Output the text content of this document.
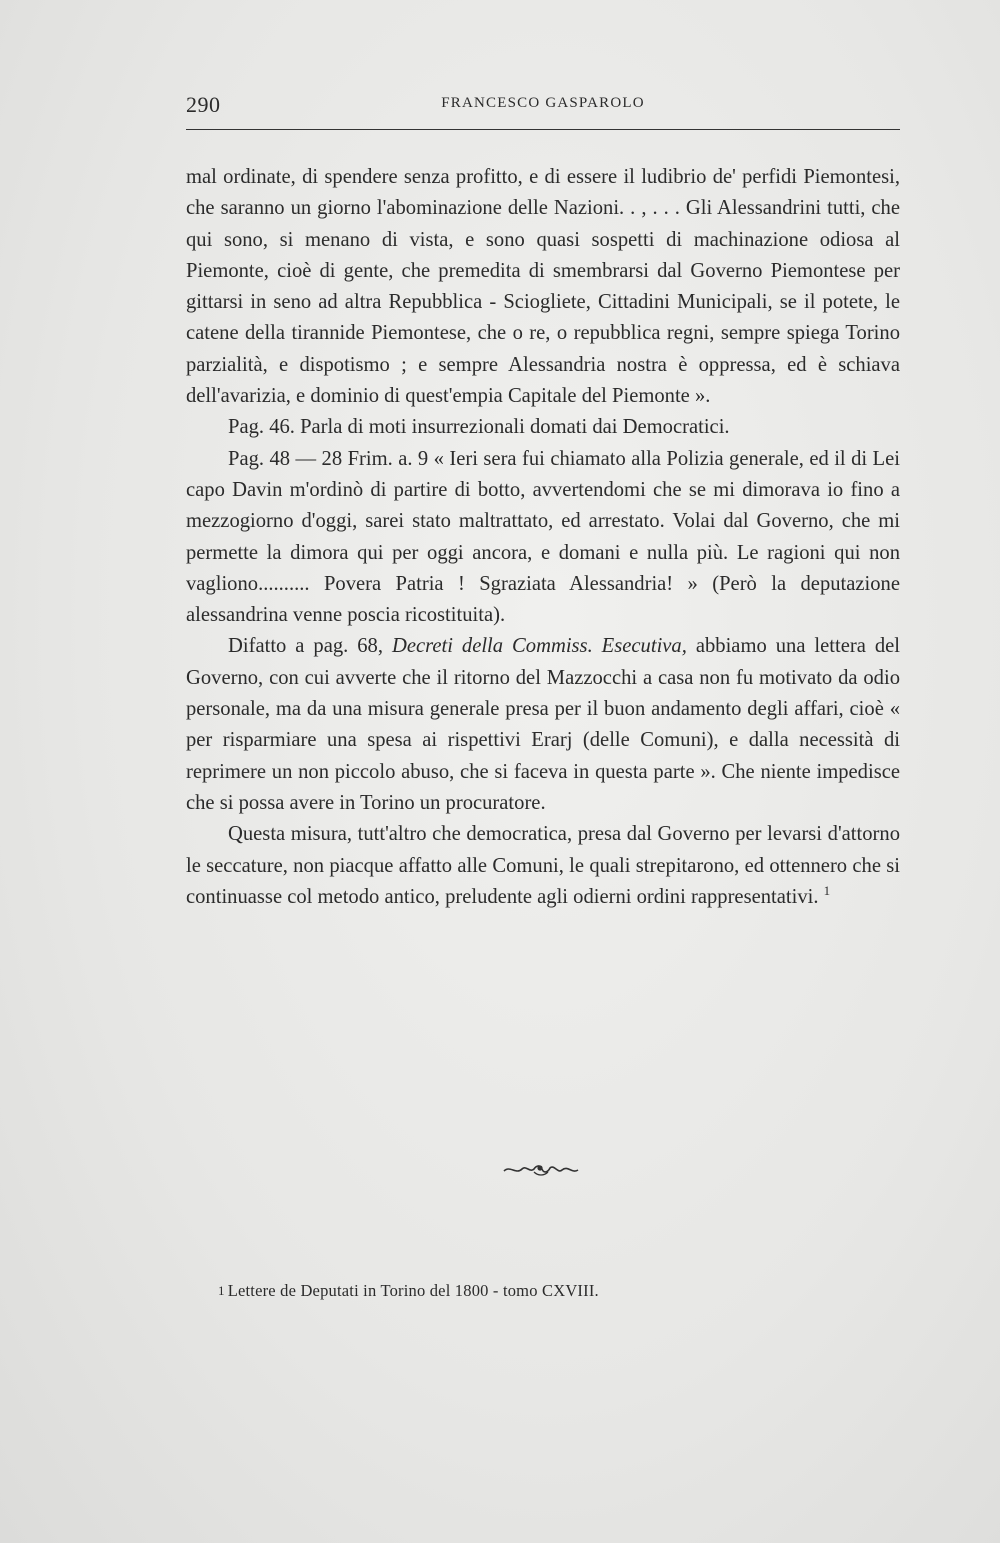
290	FRANCESCO GASPAROLO

mal ordinate, di spendere senza profitto, e di essere il ludibrio de' perfidi Piemontesi, che saranno un giorno l'abominazione delle Nazioni. . , . . . Gli Alessandrini tutti, che qui sono, si menano di vista, e sono quasi sospetti di machinazione odiosa al Piemonte, cioè di gente, che premedita di smembrarsi dal Governo Piemontese per gittarsi in seno ad altra Repubblica - Sciogliete, Cittadini Municipali, se il potete, le catene della tirannide Piemontese, che o re, o repubblica regni, sempre spiega Torino parzialità, e dispotismo ; e sempre Alessandria nostra è oppressa, ed è schiava dell'avarizia, e dominio di quest'empia Capitale del Piemonte ».

Pag. 46. Parla di moti insurrezionali domati dai Democratici.

Pag. 48 — 28 Frim. a. 9 « Ieri sera fui chiamato alla Polizia generale, ed il di Lei capo Davin m'ordinò di partire di botto, avvertendomi che se mi dimorava io fino a mezzogiorno d'oggi, sarei stato maltrattato, ed arrestato. Volai dal Governo, che mi permette la dimora qui per oggi ancora, e domani e nulla più. Le ragioni qui non vagliono.......... Povera Patria ! Sgraziata Alessandria! » (Però la deputazione alessandrina venne poscia ricostituita).

Difatto a pag. 68, Decreti della Commiss. Esecutiva, abbiamo una lettera del Governo, con cui avverte che il ritorno del Mazzocchi a casa non fu motivato da odio personale, ma da una misura generale presa per il buon andamento degli affari, cioè « per risparmiare una spesa ai rispettivi Erarj (delle Comuni), e dalla necessità di reprimere un non piccolo abuso, che si faceva in questa parte ». Che niente impedisce che si possa avere in Torino un procuratore.

Questa misura, tutt'altro che democratica, presa dal Governo per levarsi d'attorno le seccature, non piacque affatto alle Comuni, le quali strepitarono, ed ottennero che si continuasse col metodo antico, preludente agli odierni ordini rappresentativi. $^1$

$^1$ Lettere de Deputati in Torino del 1800 - tomo CXVIII.
